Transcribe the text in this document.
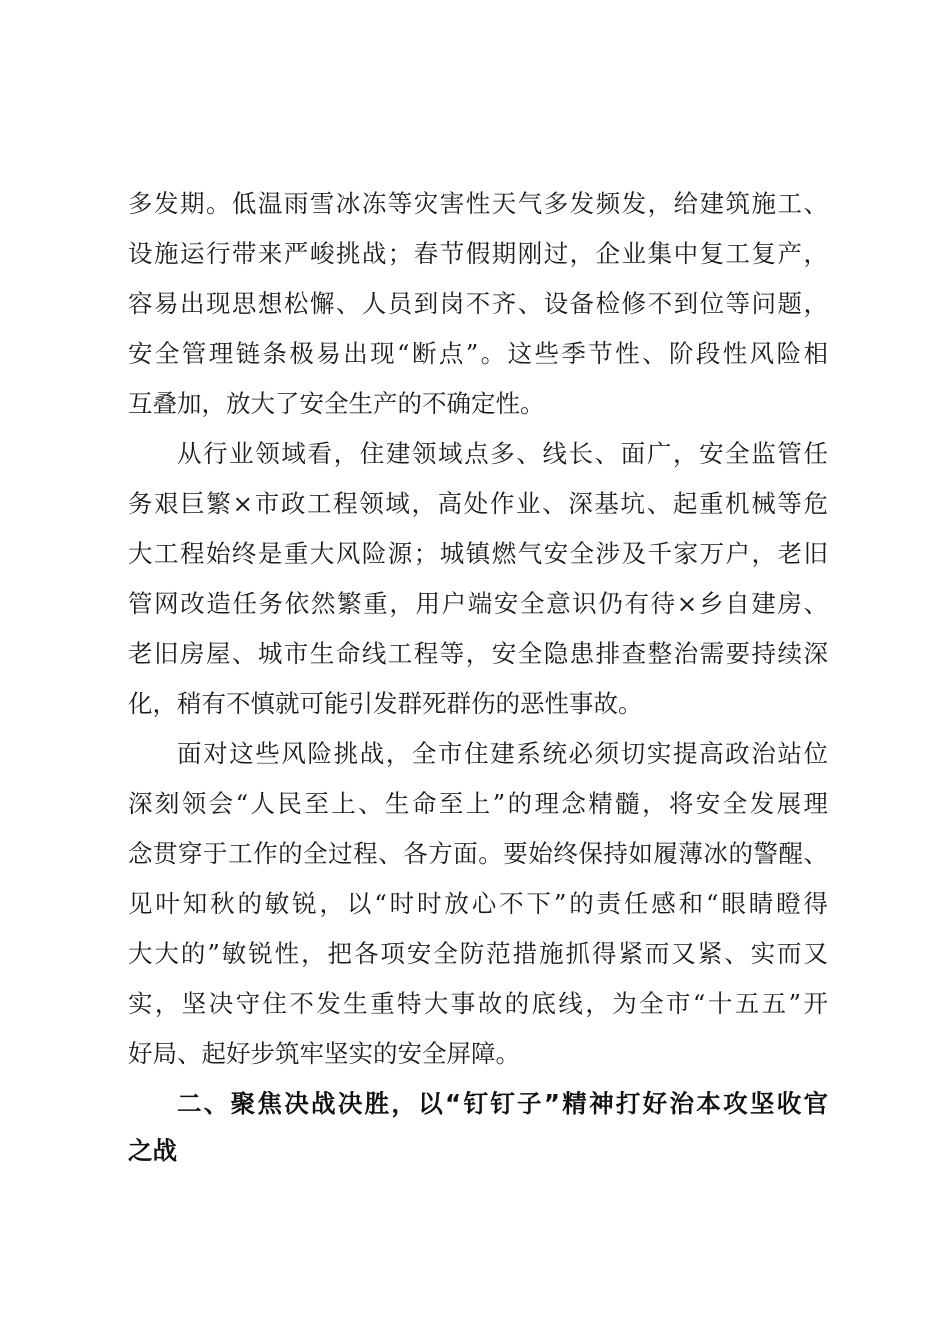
多发期。低温雨雪冰冻等灾害性天气多发频发，给建筑施工、
设施运行带来严峻挑战；春节假期刚过，企业集中复工复产，
容易出现思想松懈、人员到岗不齐、设备检修不到位等问题，
安全管理链条极易出现“断点”。这些季节性、阶段性风险相
互叠加，放大了安全生产的不确定性。
从行业领域看，住建领域点多、线长、面广，安全监管任
务艰巨繁×市政工程领域，高处作业、深基坑、起重机械等危
大工程始终是重大风险源；城镇燃气安全涉及千家万户，老旧
管网改造任务依然繁重，用户端安全意识仍有待×乡自建房、
老旧房屋、城市生命线工程等，安全隐患排查整治需要持续深
化，稍有不慎就可能引发群死群伤的恶性事故。
面对这些风险挑战，全市住建系统必须切实提高政治站位
深刻领会“人民至上、生命至上”的理念精髓，将安全发展理
念贯穿于工作的全过程、各方面。要始终保持如履薄冰的警醒、
见叶知秋的敏锐，以“时时放心不下”的责任感和“眼睛瞪得
大大的”敏锐性，把各项安全防范措施抓得紧而又紧、实而又
实，坚决守住不发生重特大事故的底线，为全市“十五五”开
好局、起好步筑牢坚实的安全屏障。
二、聚焦决战决胜，以“钉钉子”精神打好治本攻坚收官
之战
